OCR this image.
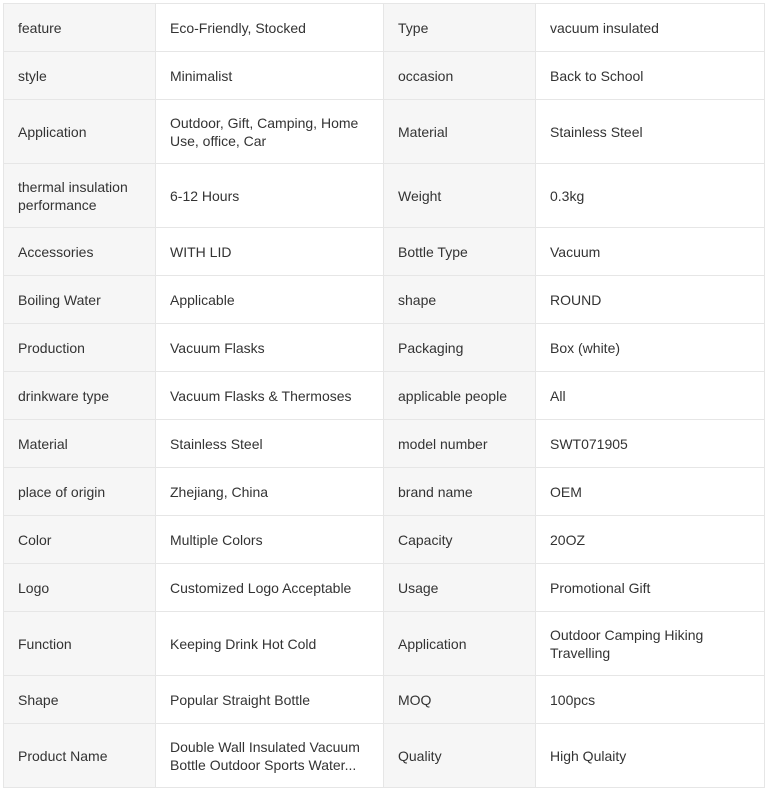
feature	Eco-Friendly, Stocked	Type	vacuum insulated

style	Minimalist	occasion	Back to School

Application	Outdoor, Gift, Camping, Home Use, office, Car	Material	Stainless Steel

thermal insulation performance	6-12 Hours	Weight	0.3kg

Accessories	WITH LID	Bottle Type	Vacuum

Boiling Water	Applicable	shape	ROUND

Production	Vacuum Flasks	Packaging	Box (white)

drinkware type	Vacuum Flasks & Thermoses	applicable people	All

Material	Stainless Steel	model number	SWT071905

place of origin	Zhejiang, China	brand name	OEM

Color	Multiple Colors	Capacity	20OZ

Logo	Customized Logo Acceptable	Usage	Promotional Gift

Function	Keeping Drink Hot Cold	Application	Outdoor Camping Hiking Travelling

Shape	Popular Straight Bottle	MOQ	100pcs

Product Name	Double Wall Insulated Vacuum Bottle Outdoor Sports Water...	Quality	High Qulaity
